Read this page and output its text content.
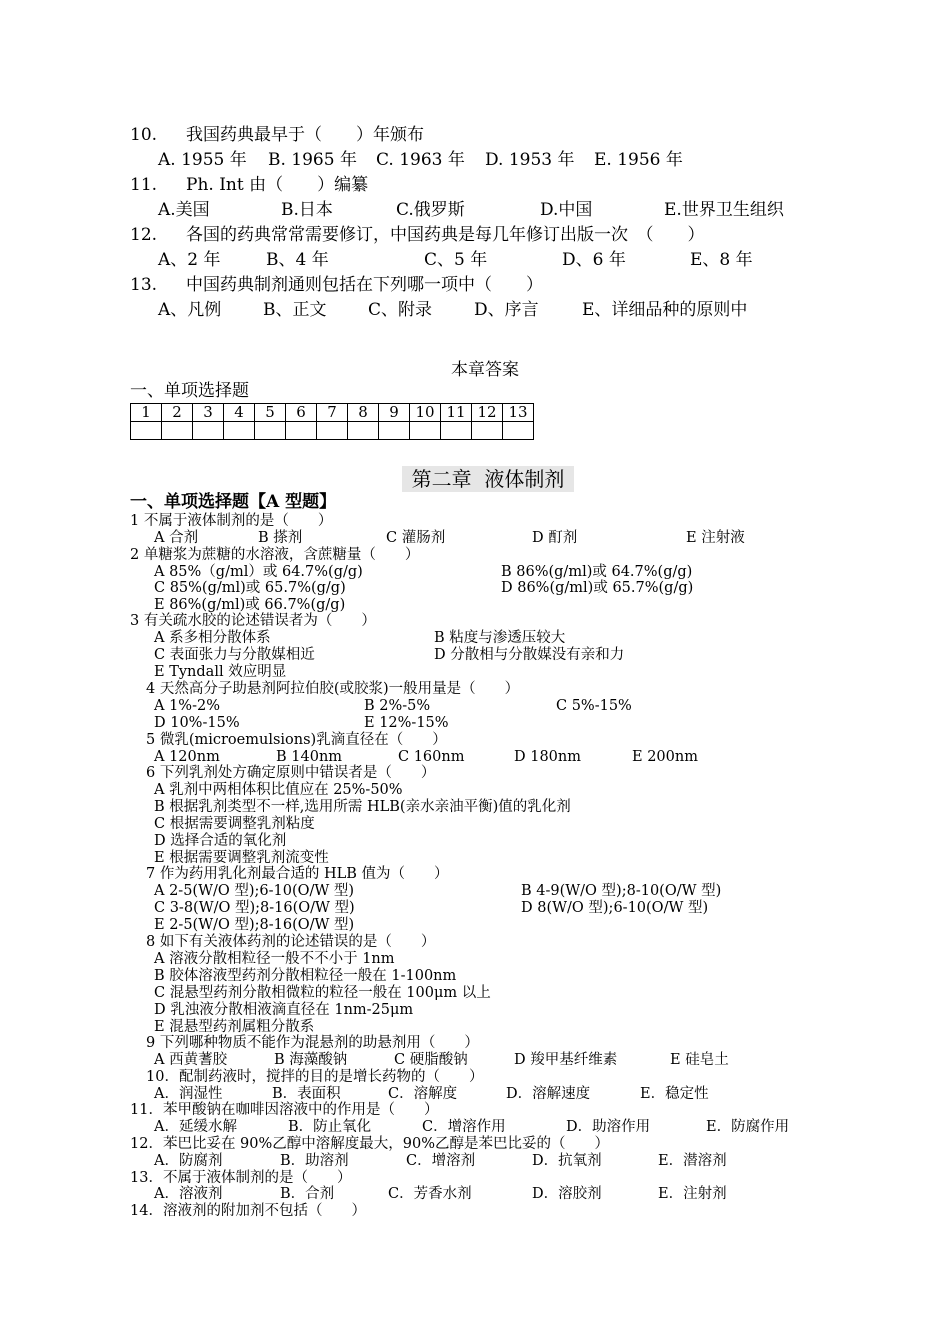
10. 我国药典最早于（　　）年颁布
A. 1955 年 B. 1965 年 C. 1963 年 D. 1953 年 E. 1956 年
11. Ph. Int 由（　　）编纂
A.美国	B.日本	C.俄罗斯	D.中国	E.世界卫生组织
12. 各国的药典常常需要修订，中国药典是每几年修订出版一次　（　　）
A、2 年	B、4 年	C、5 年	D、6 年	E、8 年
13. 中国药典制剂通则包括在下列哪一项中（　　）
A、凡例 B、正文 C、附录 D、序言	E、详细品种的原则中
本章答案
一、单项选择题
1	2	3	4	5	6	7	8	9	10	11	12	13

第二章  液体制剂
一、单项选择题【A 型题】
1 不属于液体制剂的是（　　）
A 合剂	B 搽剂	C 灌肠剂	D 酊剂	E 注射液
2 单糖浆为蔗糖的水溶液，含蔗糖量（　　）
A 85%（g/ml）或 64.7%(g/g)	B 86%(g/ml)或 64.7%(g/g)
C 85%(g/ml)或 65.7%(g/g)	D 86%(g/ml)或 65.7%(g/g)
E 86%(g/ml)或 66.7%(g/g)
3 有关疏水胶的论述错误者为（　　）
A 系多相分散体系	B 粘度与渗透压较大
C 表面张力与分散媒相近	D 分散相与分散媒没有亲和力
E Tyndall 效应明显
4 天然高分子助悬剂阿拉伯胶(或胶浆)一般用量是（　　）
A 1%-2%	B 2%-5%	C 5%-15%
D 10%-15%	E 12%-15%
5 微乳(microemulsions)乳滴直径在（　　）
A 120nm	B 140nm	C 160nm	D 180nm	E 200nm
6 下列乳剂处方确定原则中错误者是（　　）
A 乳剂中两相体积比值应在 25%-50%
B 根据乳剂类型不一样,选用所需 HLB(亲水亲油平衡)值的乳化剂
C 根据需要调整乳剂粘度
D 选择合适的氧化剂
E 根据需要调整乳剂流变性
7 作为药用乳化剂最合适的 HLB 值为（　　）
A 2-5(W/O 型);6-10(O/W 型)	B 4-9(W/O 型);8-10(O/W 型)
C 3-8(W/O 型);8-16(O/W 型)	D 8(W/O 型);6-10(O/W 型)
E 2-5(W/O 型);8-16(O/W 型)
8 如下有关液体药剂的论述错误的是（　　）
A 溶液分散相粒径一般不不小于 1nm
B 胶体溶液型药剂分散相粒径一般在 1-100nm
C 混悬型药剂分散相微粒的粒径一般在 100μm 以上
D 乳浊液分散相液滴直径在 1nm-25μm
E 混悬型药剂属粗分散系
9 下列哪种物质不能作为混悬剂的助悬剂用（　　）
A 西黄蓍胶	B 海藻酸钠	C 硬脂酸钠	D 羧甲基纤维素	E 硅皂土
10．配制药液时，搅拌的目的是增长药物的（　　）
A．润湿性	B．表面积	C．溶解度	D．溶解速度	E．稳定性
11．苯甲酸钠在咖啡因溶液中的作用是（　　）
A．延缓水解	B．防止氧化	C．增溶作用	D．助溶作用	E．防腐作用
12．苯巴比妥在 90%乙醇中溶解度最大，90%乙醇是苯巴比妥的（　　）
A．防腐剂	B．助溶剂	C．增溶剂	D．抗氧剂	E．潜溶剂
13．不属于液体制剂的是（　　）
A．溶液剂	B．合剂	C．芳香水剂	D．溶胶剂	E．注射剂
14．溶液剂的附加剂不包括（　　）
